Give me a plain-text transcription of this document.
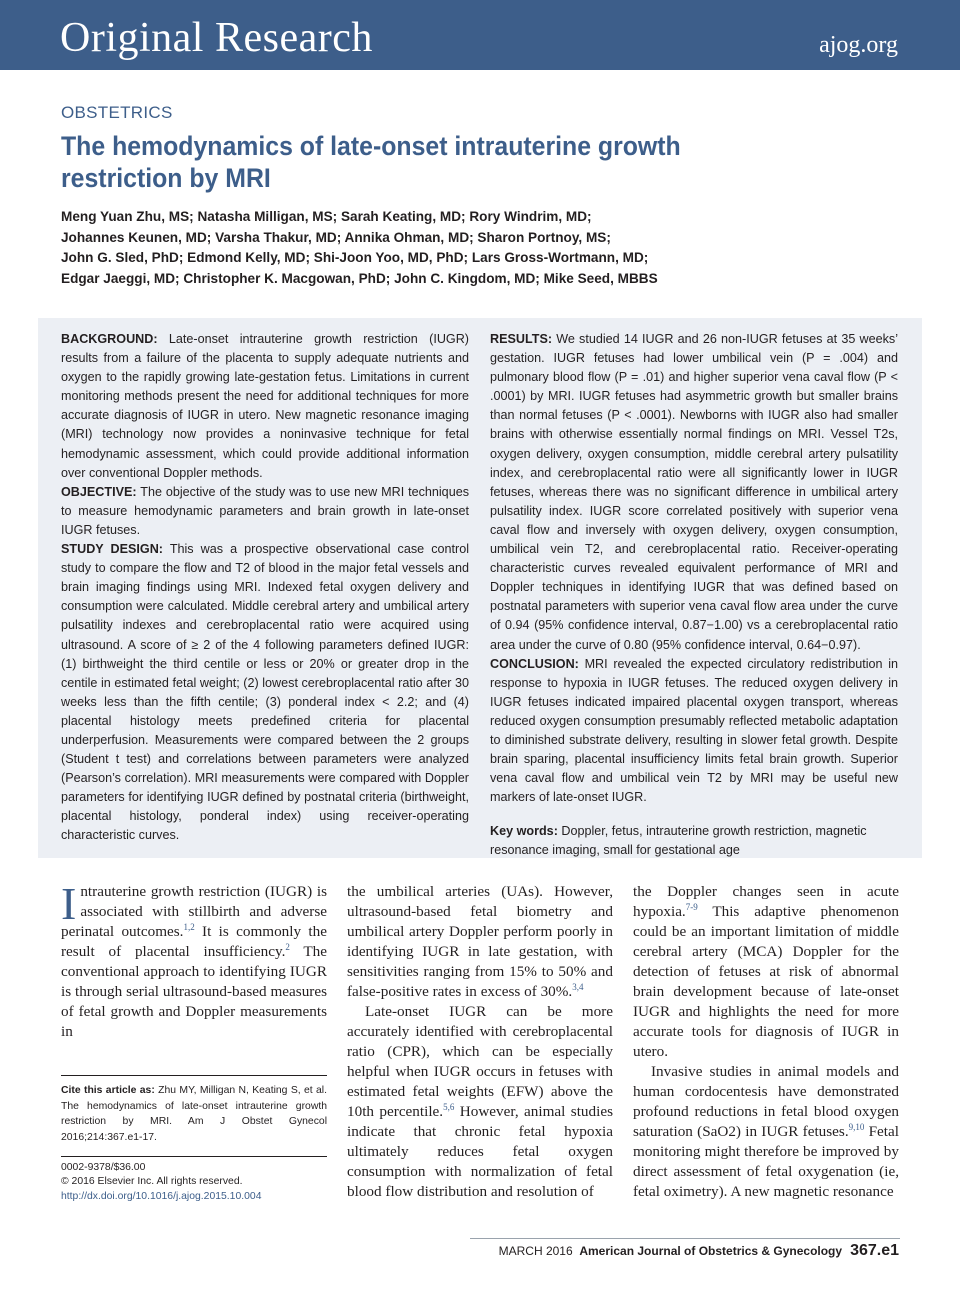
Original Research	ajog.org
OBSTETRICS
The hemodynamics of late-onset intrauterine growth
restriction by MRI
Meng Yuan Zhu, MS; Natasha Milligan, MS; Sarah Keating, MD; Rory Windrim, MD;
Johannes Keunen, MD; Varsha Thakur, MD; Annika Ohman, MD; Sharon Portnoy, MS;
John G. Sled, PhD; Edmond Kelly, MD; Shi-Joon Yoo, MD, PhD; Lars Gross-Wortmann, MD;
Edgar Jaeggi, MD; Christopher K. Macgowan, PhD; John C. Kingdom, MD; Mike Seed, MBBS

BACKGROUND: Late-onset intrauterine growth restriction (IUGR) results from a failure of the placenta to supply adequate nutrients and oxygen to the rapidly growing late-gestation fetus. Limitations in current monitoring methods present the need for additional techniques for more accurate diagnosis of IUGR in utero. New magnetic resonance imaging (MRI) technology now provides a noninvasive technique for fetal hemodynamic assessment, which could provide additional information over conventional Doppler methods.

OBJECTIVE: The objective of the study was to use new MRI techniques to measure hemodynamic parameters and brain growth in late-onset IUGR fetuses.

STUDY DESIGN: This was a prospective observational case control study to compare the flow and T2 of blood in the major fetal vessels and brain imaging findings using MRI. Indexed fetal oxygen delivery and consumption were calculated. Middle cerebral artery and umbilical artery pulsatility indexes and cerebroplacental ratio were acquired using ultrasound. A score of ≥ 2 of the 4 following parameters defined IUGR: (1) birthweight the third centile or less or 20% or greater drop in the centile in estimated fetal weight; (2) lowest cerebroplacental ratio after 30 weeks less than the fifth centile; (3) ponderal index < 2.2; and (4) placental histology meets predefined criteria for placental underperfusion. Measurements were compared between the 2 groups (Student t test) and correlations between parameters were analyzed (Pearson’s correlation). MRI measurements were compared with Doppler parameters for identifying IUGR defined by postnatal criteria (birthweight, placental histology, ponderal index) using receiver-operating characteristic curves.

RESULTS: We studied 14 IUGR and 26 non-IUGR fetuses at 35 weeks’ gestation. IUGR fetuses had lower umbilical vein (P = .004) and pulmonary blood flow (P = .01) and higher superior vena caval flow (P < .0001) by MRI. IUGR fetuses had asymmetric growth but smaller brains than normal fetuses (P < .0001). Newborns with IUGR also had smaller brains with otherwise essentially normal findings on MRI. Vessel T2s, oxygen delivery, oxygen consumption, middle cerebral artery pulsatility index, and cerebroplacental ratio were all significantly lower in IUGR fetuses, whereas there was no significant difference in umbilical artery pulsatility index. IUGR score correlated positively with superior vena caval flow and inversely with oxygen delivery, oxygen consumption, umbilical vein T2, and cerebroplacental ratio. Receiver-operating characteristic curves revealed equivalent performance of MRI and Doppler techniques in identifying IUGR that was defined based on postnatal parameters with superior vena caval flow area under the curve of 0.94 (95% confidence interval, 0.87−1.00) vs a cerebroplacental ratio area under the curve of 0.80 (95% confidence interval, 0.64−0.97).

CONCLUSION: MRI revealed the expected circulatory redistribution in response to hypoxia in IUGR fetuses. The reduced oxygen delivery in IUGR fetuses indicated impaired placental oxygen transport, whereas reduced oxygen consumption presumably reflected metabolic adaptation to diminished substrate delivery, resulting in slower fetal growth. Despite brain sparing, placental insufficiency limits fetal brain growth. Superior vena caval flow and umbilical vein T2 by MRI may be useful new markers of late-onset IUGR.

Key words: Doppler, fetus, intrauterine growth restriction, magnetic resonance imaging, small for gestational age

Intrauterine growth restriction (IUGR) is associated with stillbirth and adverse perinatal outcomes.$^{1,2}$ It is commonly the result of placental insufficiency.$^2$ The conventional approach to identifying IUGR is through serial ultrasound-based measures of fetal growth and Doppler measurements in

Cite this article as: Zhu MY, Milligan N, Keating S, et al. The hemodynamics of late-onset intrauterine growth restriction by MRI. Am J Obstet Gynecol 2016;214:367.e1-17.
0002-9378/$36.00
© 2016 Elsevier Inc. All rights reserved.
http://dx.doi.org/10.1016/j.ajog.2015.10.004

the umbilical arteries (UAs). However, ultrasound-based fetal biometry and umbilical artery Doppler perform poorly in identifying IUGR in late gestation, with sensitivities ranging from 15% to 50% and false-positive rates in excess of 30%.$^{3,4}$

Late-onset IUGR can be more accurately identified with cerebroplacental ratio (CPR), which can be especially helpful when IUGR occurs in fetuses with estimated fetal weights (EFW) above the 10th percentile.$^{5,6}$ However, animal studies indicate that chronic fetal hypoxia ultimately reduces fetal oxygen consumption with normalization of fetal blood flow distribution and resolution of

the Doppler changes seen in acute hypoxia.$^{7-9}$ This adaptive phenomenon could be an important limitation of middle cerebral artery (MCA) Doppler for the detection of fetuses at risk of abnormal brain development because of late-onset IUGR and highlights the need for more accurate tools for diagnosis of IUGR in utero.

Invasive studies in animal models and human cordocentesis have demonstrated profound reductions in fetal blood oxygen saturation (SaO2) in IUGR fetuses.$^{9,10}$ Fetal monitoring might therefore be improved by direct assessment of fetal oxygenation (ie, fetal oximetry). A new magnetic resonance

MARCH 2016 American Journal of Obstetrics & Gynecology 367.e1
